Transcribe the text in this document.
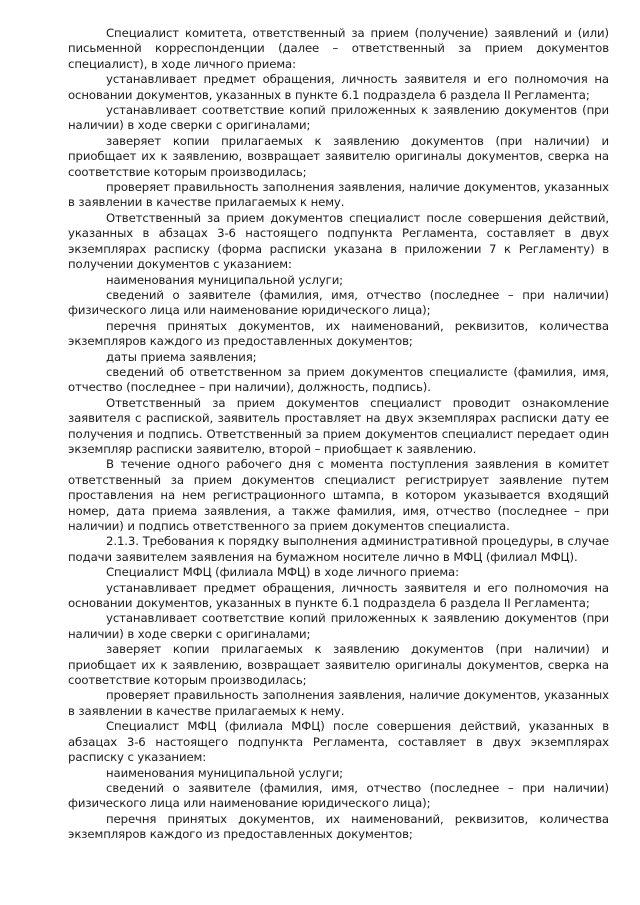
Специалист комитета, ответственный за прием (получение) заявлений и (или) письменной корреспонденции (далее – ответственный за прием документов специалист), в ходе личного приема:

устанавливает предмет обращения, личность заявителя и его полномочия на основании документов, указанных в пункте 6.1 подраздела 6 раздела II Регламента;

устанавливает соответствие копий приложенных к заявлению документов (при наличии) в ходе сверки с оригиналами;

заверяет копии прилагаемых к заявлению документов (при наличии) и приобщает их к заявлению, возвращает заявителю оригиналы документов, сверка на соответствие которым производилась;

проверяет правильность заполнения заявления, наличие документов, указанных в заявлении в качестве прилагаемых к нему.

Ответственный за прием документов специалист после совершения действий, указанных в абзацах 3-6 настоящего подпункта Регламента, составляет в двух экземплярах расписку (форма расписки указана в приложении 7 к Регламенту) в получении документов с указанием:

наименования муниципальной услуги;

сведений о заявителе (фамилия, имя, отчество (последнее – при наличии) физического лица или наименование юридического лица);

перечня принятых документов, их наименований, реквизитов, количества экземпляров каждого из предоставленных документов;

даты приема заявления;

сведений об ответственном за прием документов специалисте (фамилия, имя, отчество (последнее – при наличии), должность, подпись).

Ответственный за прием документов специалист проводит ознакомление заявителя с распиской, заявитель проставляет на двух экземплярах расписки дату ее получения и подпись. Ответственный за прием документов специалист передает один экземпляр расписки заявителю, второй – приобщает к заявлению.

В течение одного рабочего дня с момента поступления заявления в комитет ответственный за прием документов специалист регистрирует заявление путем проставления на нем регистрационного штампа, в котором указывается входящий номер, дата приема заявления, а также фамилия, имя, отчество (последнее – при наличии) и подпись ответственного за прием документов специалиста.

2.1.3. Требования к порядку выполнения административной процедуры, в случае подачи заявителем заявления на бумажном носителе лично в МФЦ (филиал МФЦ).

Специалист МФЦ (филиала МФЦ) в ходе личного приема:

устанавливает предмет обращения, личность заявителя и его полномочия на основании документов, указанных в пункте 6.1 подраздела 6 раздела II Регламента;

устанавливает соответствие копий приложенных к заявлению документов (при наличии) в ходе сверки с оригиналами;

заверяет копии прилагаемых к заявлению документов (при наличии) и приобщает их к заявлению, возвращает заявителю оригиналы документов, сверка на соответствие которым производилась;

проверяет правильность заполнения заявления, наличие документов, указанных в заявлении в качестве прилагаемых к нему.

Специалист МФЦ (филиала МФЦ) после совершения действий, указанных в абзацах 3-6 настоящего подпункта Регламента, составляет в двух экземплярах расписку с указанием:

наименования муниципальной услуги;

сведений о заявителе (фамилия, имя, отчество (последнее – при наличии) физического лица или наименование юридического лица);

перечня принятых документов, их наименований, реквизитов, количества экземпляров каждого из предоставленных документов;
